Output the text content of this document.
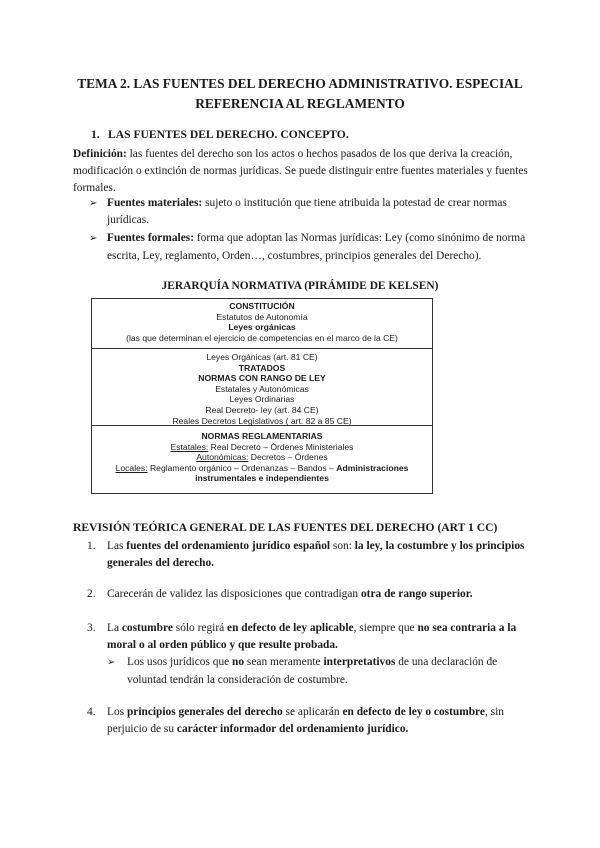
TEMA 2. LAS FUENTES DEL DERECHO ADMINISTRATIVO. ESPECIAL
REFERENCIA AL REGLAMENTO
1. LAS FUENTES DEL DERECHO. CONCEPTO.
Definición: las fuentes del derecho son los actos o hechos pasados de los que deriva la creación, modificación o extinción de normas jurídicas. Se puede distinguir entre fuentes materiales y fuentes formales.
➢ Fuentes materiales: sujeto o institución que tiene atribuida la potestad de crear normas jurídicas.
➢ Fuentes formales: forma que adoptan las Normas jurídicas: Ley (como sinónimo de norma escrita, Ley, reglamento, Orden…, costumbres, principios generales del Derecho).
JERARQUÍA NORMATIVA (PIRÁMIDE DE KELSEN)
CONSTITUCIÓN
Estatutos de Autonomía
Leyes orgánicas
(las que determinan el ejercicio de competencias en el marco de la CE)
Leyes Orgánicas (art. 81 CE)
TRATADOS
NORMAS CON RANGO DE LEY
Estatales y Autonómicas
Leyes Ordinarias
Real Decreto- ley (art. 84 CE)
Reales Decretos Legislativos ( art. 82 a 85 CE)
NORMAS REGLAMENTARIAS
Estatales: Real Decreto – Órdenes Ministeriales
Autonómicas: Decretos – Órdenes
Locales: Reglamento orgánico – Ordenanzas – Bandos – Administraciones
instrumentales e independientes
REVISIÓN TEÓRICA GENERAL DE LAS FUENTES DEL DERECHO (ART 1 CC)
1. Las fuentes del ordenamiento jurídico español son: la ley, la costumbre y los principios generales del derecho.
2. Carecerán de validez las disposiciones que contradigan otra de rango superior.
3. La costumbre sólo regirá en defecto de ley aplicable, siempre que no sea contraria a la moral o al orden público y que resulte probada.
➢ Los usos jurídicos que no sean meramente interpretativos de una declaración de voluntad tendrán la consideración de costumbre.
4. Los principios generales del derecho se aplicarán en defecto de ley o costumbre, sin perjuicio de su carácter informador del ordenamiento jurídico.
